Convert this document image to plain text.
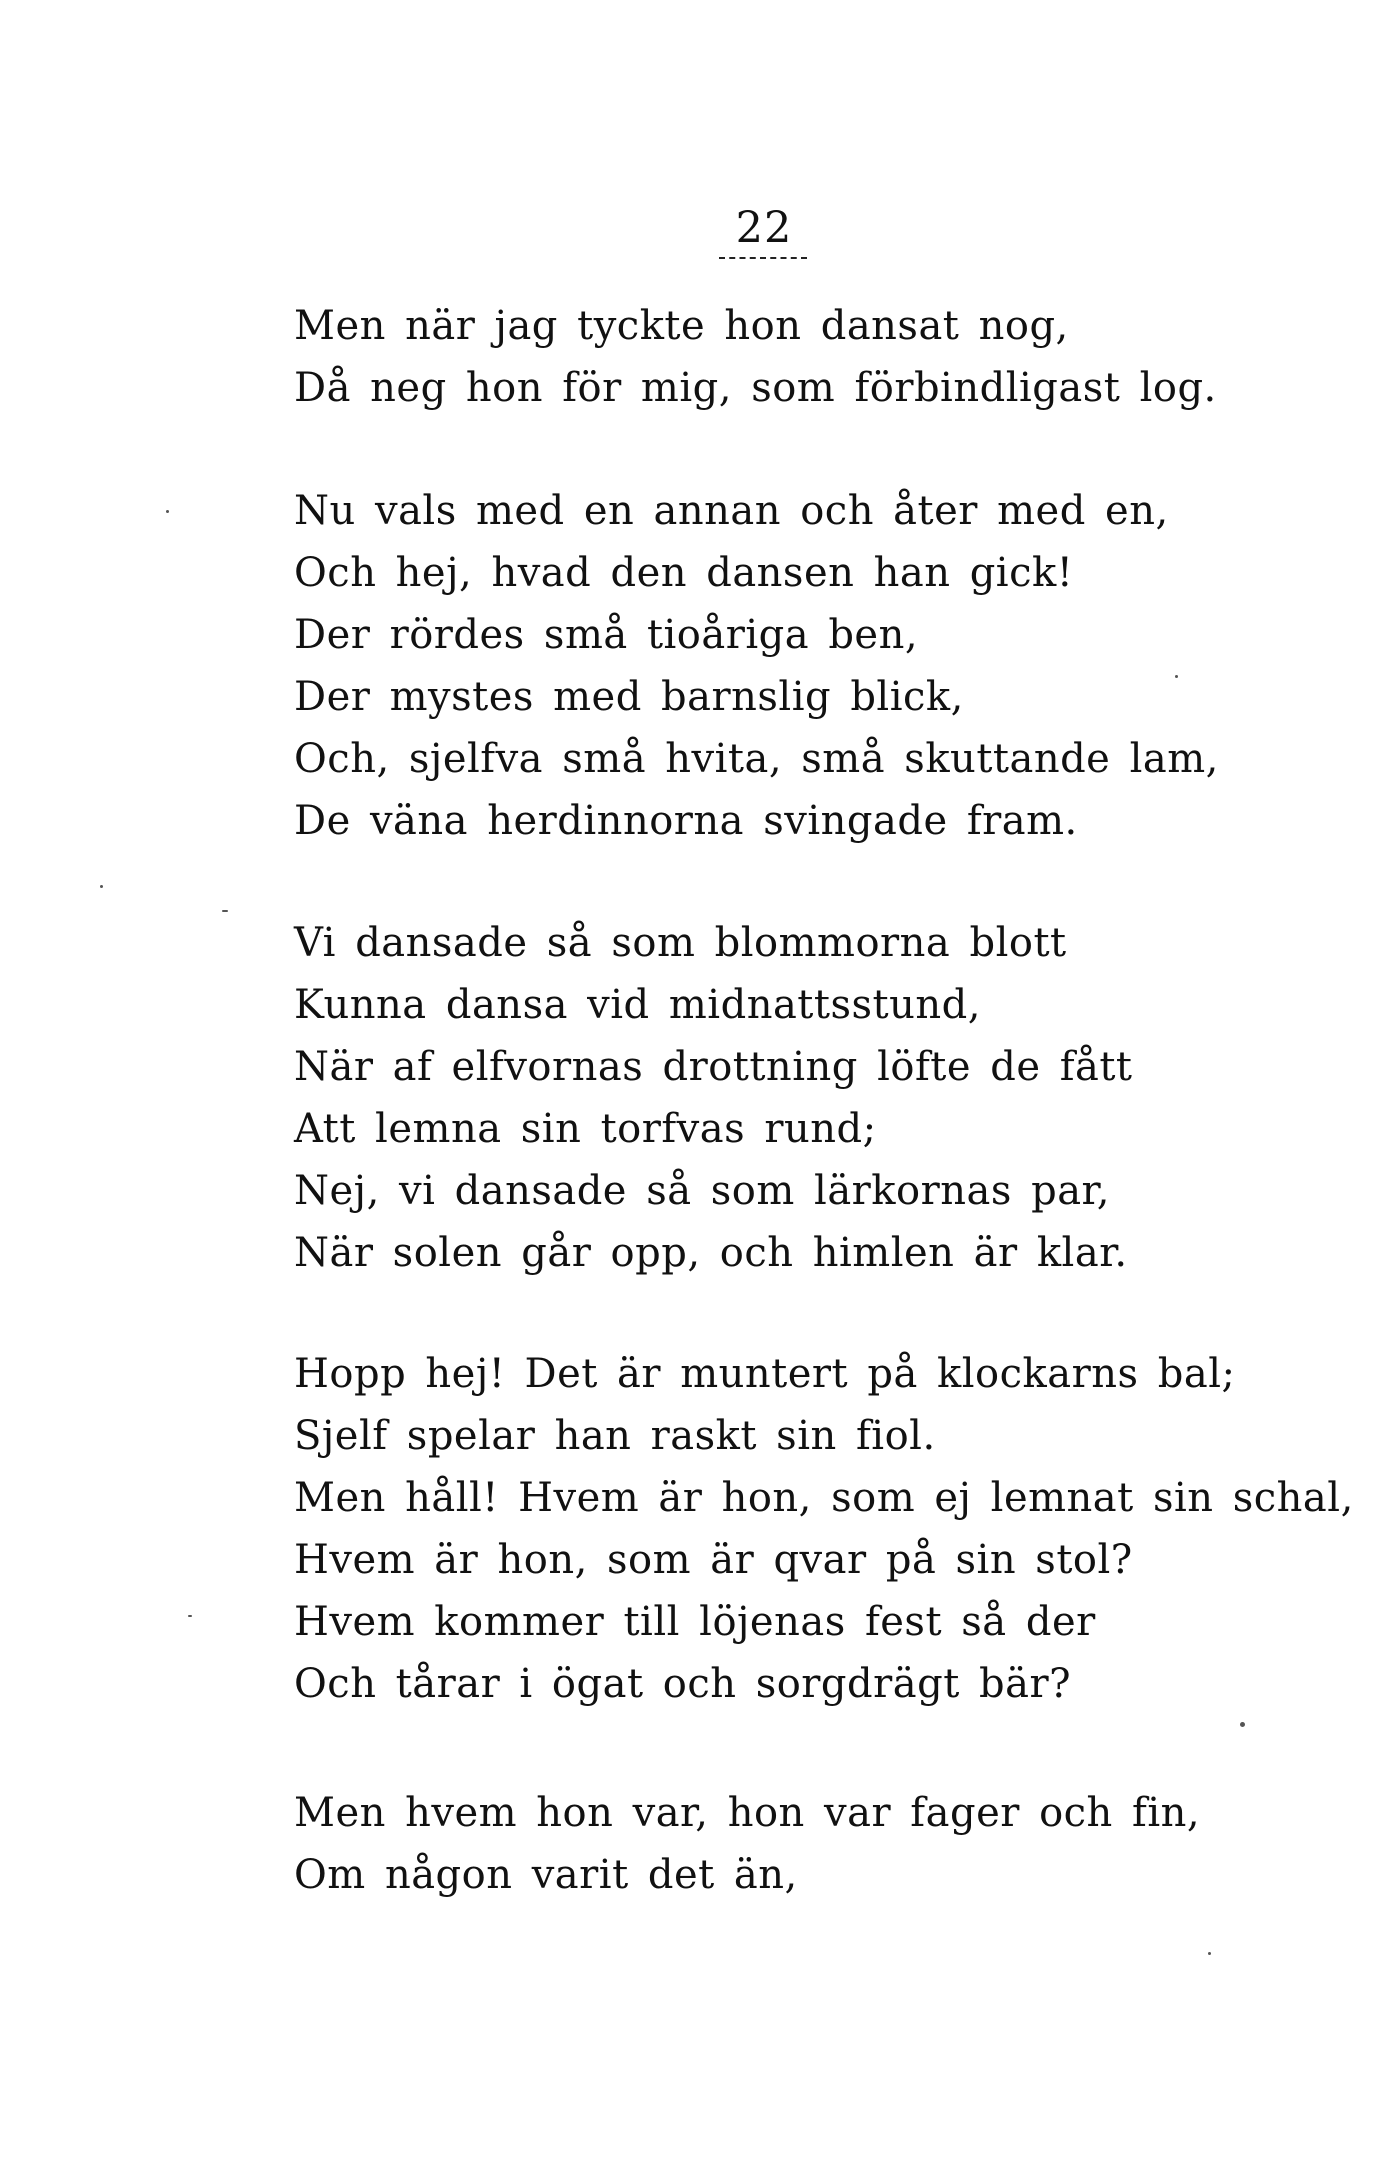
22
Men när jag tyckte hon dansat nog,
Då neg hon för mig, som förbindligast log.
Nu vals med en annan och åter med en,
Och hej, hvad den dansen han gick!
Der rördes små tioåriga ben,
Der mystes med barnslig blick,
Och, sjelfva små hvita, små skuttande lam,
De väna herdinnorna svingade fram.
Vi dansade så som blommorna blott
Kunna dansa vid midnattsstund,
När af elfvornas drottning löfte de fått
Att lemna sin torfvas rund;
Nej, vi dansade så som lärkornas par,
När solen går opp, och himlen är klar.
Hopp hej! Det är muntert på klockarns bal;
Sjelf spelar han raskt sin fiol.
Men håll! Hvem är hon, som ej lemnat sin schal,
Hvem är hon, som är qvar på sin stol?
Hvem kommer till löjenas fest så der
Och tårar i ögat och sorgdrägt bär?
Men hvem hon var, hon var fager och fin,
Om någon varit det än,
